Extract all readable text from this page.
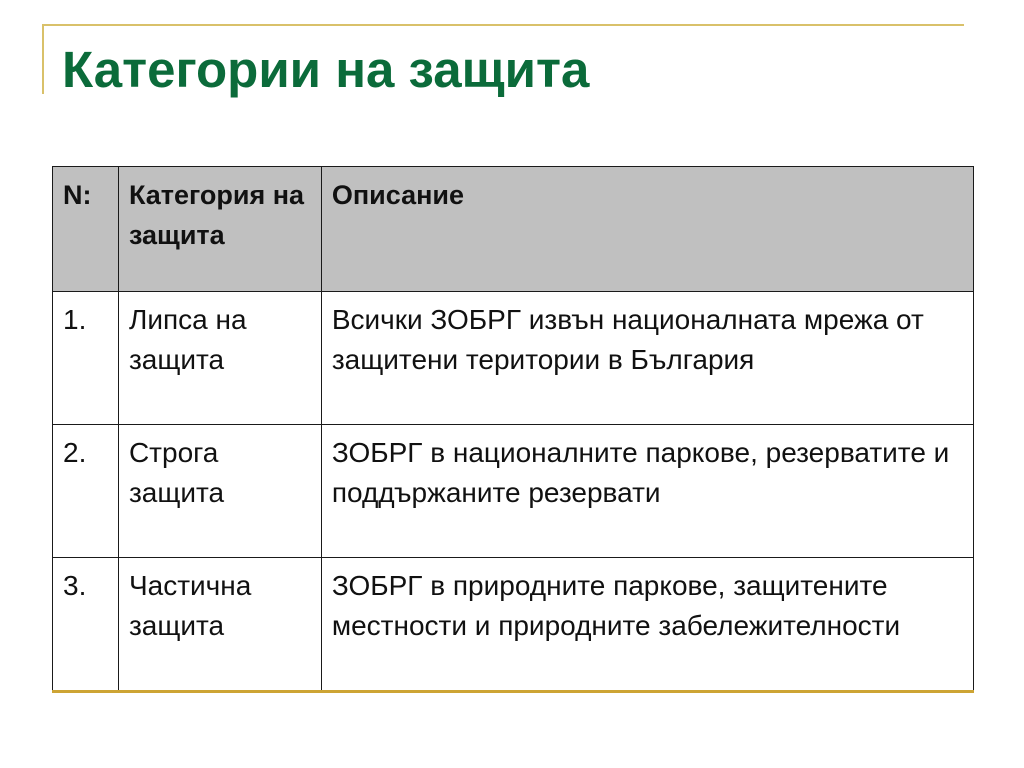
Категории на защита
N:	Категория на защита	Описание
1.	Липса на защита	Всички ЗОБРГ извън националната мрежа от защитени територии в България
2.	Строга защита	ЗОБРГ в националните паркове, резерватите и поддържаните резервати
3.	Частична защита	ЗОБРГ в природните паркове, защитените местности и природните забележителности
